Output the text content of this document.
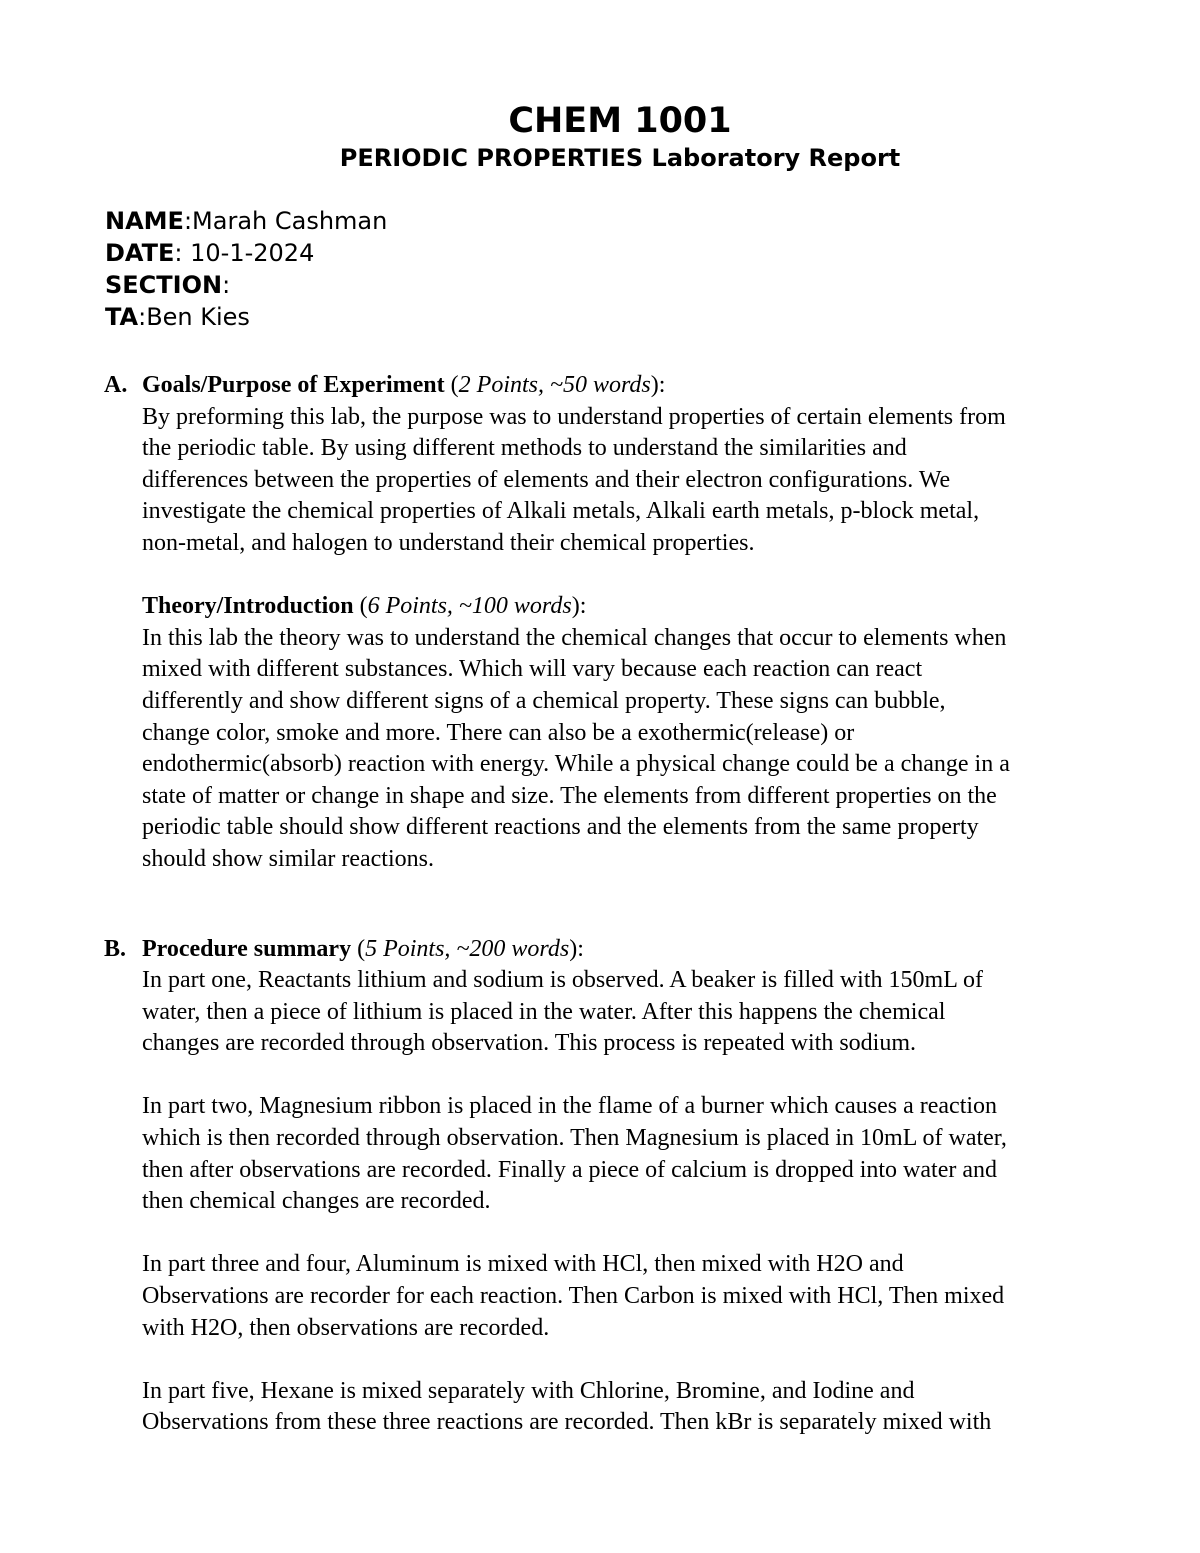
CHEM 1001
PERIODIC PROPERTIES Laboratory Report
NAME:Marah Cashman
DATE: 10-1-2024
SECTION:
TA:Ben Kies
A. Goals/Purpose of Experiment (2 Points, ~50 words):
By preforming this lab, the purpose was to understand properties of certain elements from
the periodic table. By using different methods to understand the similarities and
differences between the properties of elements and their electron configurations. We
investigate the chemical properties of Alkali metals, Alkali earth metals, p-block metal,
non-metal, and halogen to understand their chemical properties.
Theory/Introduction (6 Points, ~100 words):
In this lab the theory was to understand the chemical changes that occur to elements when
mixed with different substances. Which will vary because each reaction can react
differently and show different signs of a chemical property. These signs can bubble,
change color, smoke and more. There can also be a exothermic(release) or
endothermic(absorb) reaction with energy. While a physical change could be a change in a
state of matter or change in shape and size. The elements from different properties on the
periodic table should show different reactions and the elements from the same property
should show similar reactions.
B. Procedure summary (5 Points, ~200 words):
In part one, Reactants lithium and sodium is observed. A beaker is filled with 150mL of
water, then a piece of lithium is placed in the water. After this happens the chemical
changes are recorded through observation. This process is repeated with sodium.
In part two, Magnesium ribbon is placed in the flame of a burner which causes a reaction
which is then recorded through observation. Then Magnesium is placed in 10mL of water,
then after observations are recorded. Finally a piece of calcium is dropped into water and
then chemical changes are recorded.
In part three and four, Aluminum is mixed with HCl, then mixed with H2O and
Observations are recorder for each reaction. Then Carbon is mixed with HCl, Then mixed
with H2O, then observations are recorded.
In part five, Hexane is mixed separately with Chlorine, Bromine, and Iodine and
Observations from these three reactions are recorded. Then kBr is separately mixed with
